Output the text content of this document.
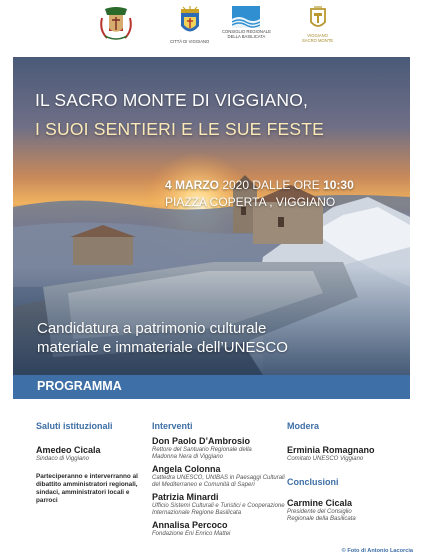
CITTÀ DI VIGGIANO
CONSIGLIO REGIONALE
DELLA BASILICATA	VIGGIANO
SACRO MONTE
IL SACRO MONTE DI VIGGIANO,
I SUOI SENTIERI E LE SUE FESTE
4 MARZO 2020 DALLE ORE 10:30
PIAZZA COPERTA , VIGGIANO
Candidatura a patrimonio culturale
materiale e immateriale dell’UNESCO
PROGRAMMA
Saluti istituzionali
Amedeo Cicala
Sindaco di Viggiano
Parteciperanno e interverranno al
dibattito amministratori regionali,
sindaci, amministratori locali e
parroci
Interventi
Don Paolo D’Ambrosio
Rettore del Santuario Regionale della
Madonna Nera di Viggiano
Angela Colonna
Cattedra UNESCO, UNIBAS in Paesaggi Culturali
del Mediterraneo e Comunità di Saperi
Patrizia Minardi
Ufficio Sistemi Culturali e Turistici e Cooperazione
Internazionale Regione Basilicata
Annalisa Percoco
Fondazione Eni Enrico Mattei
Modera
Erminia Romagnano
Comitato UNESCO Viggiano
Conclusioni
Carmine Cicala
Presidente del Consiglio
Regionale della Basilicata
© Foto di Antonio Lacorcia
